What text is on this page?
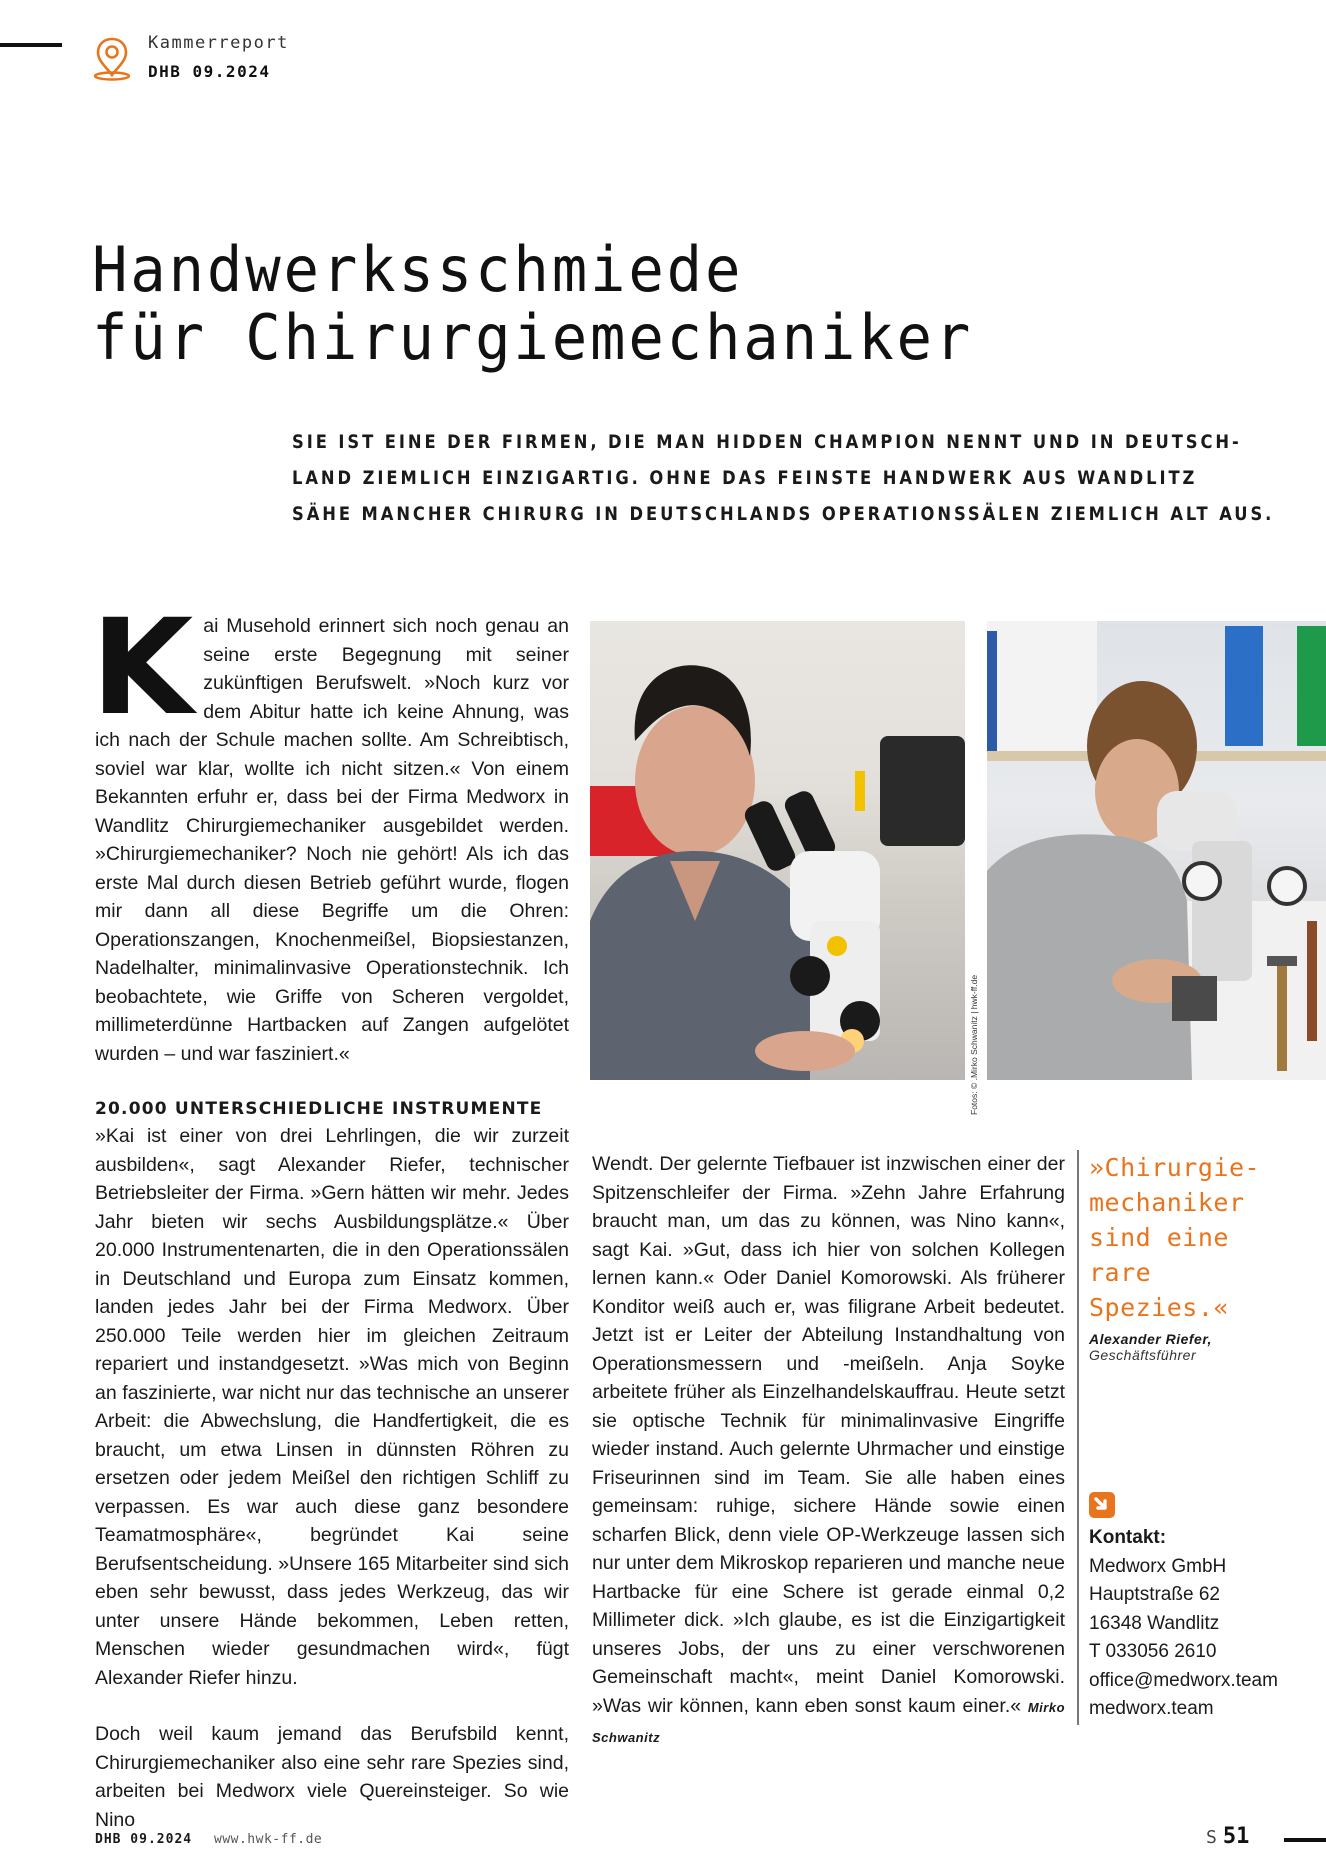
Kammerreport
DHB 09.2024
Handwerksschmiede
für Chirurgiemechaniker
SIE IST EINE DER FIRMEN, DIE MAN HIDDEN CHAMPION NENNT UND IN DEUTSCH-
LAND ZIEMLICH EINZIGARTIG. OHNE DAS FEINSTE HANDWERK AUS WANDLITZ
SÄHE MANCHER CHIRURG IN DEUTSCHLANDS OPERATIONSSÄLEN ZIEMLICH ALT AUS.
K ai Musehold erinnert sich noch genau an seine erste Begegnung mit seiner zukünftigen Berufswelt. »Noch kurz vor dem Abitur hatte ich keine Ahnung, was ich nach der Schule machen sollte. Am Schreibtisch, soviel war klar, wollte ich nicht sitzen.« Von einem Bekannten erfuhr er, dass bei der Firma Medworx in Wandlitz Chirurgiemechaniker ausgebildet werden. »Chirurgiemechaniker? Noch nie gehört! Als ich das erste Mal durch diesen Betrieb geführt wurde, flogen mir dann all diese Begriffe um die Ohren: Operationszangen, Knochenmeißel, Biopsiestanzen, Nadelhalter, minimalinvasive Operationstechnik. Ich beobachtete, wie Griffe von Scheren vergoldet, millimeterdünne Hartbacken auf Zangen aufgelötet wurden – und war fasziniert.«

20.000 UNTERSCHIEDLICHE INSTRUMENTE

»Kai ist einer von drei Lehrlingen, die wir zurzeit ausbilden«, sagt Alexander Riefer, technischer Betriebsleiter der Firma. »Gern hätten wir mehr. Jedes Jahr bieten wir sechs Ausbildungsplätze.« Über 20.000 Instrumentenarten, die in den Operationssälen in Deutschland und Europa zum Einsatz kommen, landen jedes Jahr bei der Firma Medworx. Über 250.000 Teile werden hier im gleichen Zeitraum repariert und instandgesetzt. »Was mich von Beginn an faszinierte, war nicht nur das technische an unserer Arbeit: die Abwechslung, die Handfertigkeit, die es braucht, um etwa Linsen in dünnsten Röhren zu ersetzen oder jedem Meißel den richtigen Schliff zu verpassen. Es war auch diese ganz besondere Teamatmosphäre«, begründet Kai seine Berufsentscheidung. »Unsere 165 Mitarbeiter sind sich eben sehr bewusst, dass jedes Werkzeug, das wir unter unsere Hände bekommen, Leben retten, Menschen wieder gesundmachen wird«, fügt Alexander Riefer hinzu.

Doch weil kaum jemand das Berufsbild kennt, Chirurgiemechaniker also eine sehr rare Spezies sind, arbeiten bei Medworx viele Quereinsteiger. So wie Nino

Fotos: © .Mirko Schwanitz | hwk-ff.de

Wendt. Der gelernte Tiefbauer ist inzwischen einer der Spitzenschleifer der Firma. »Zehn Jahre Erfahrung braucht man, um das zu können, was Nino kann«, sagt Kai. »Gut, dass ich hier von solchen Kollegen lernen kann.« Oder Daniel Komorowski. Als früherer Konditor weiß auch er, was filigrane Arbeit bedeutet. Jetzt ist er Leiter der Abteilung Instandhaltung von Operationsmessern und -meißeln. Anja Soyke arbeitete früher als Einzelhandelskauffrau. Heute setzt sie optische Technik für minimalinvasive Eingriffe wieder instand. Auch gelernte Uhrmacher und einstige Friseurinnen sind im Team. Sie alle haben eines gemeinsam: ruhige, sichere Hände sowie einen scharfen Blick, denn viele OP-Werkzeuge lassen sich nur unter dem Mikroskop reparieren und manche neue Hartbacke für eine Schere ist gerade einmal 0,2 Millimeter dick. »Ich glaube, es ist die Einzigartigkeit unseres Jobs, der uns zu einer verschworenen Gemeinschaft macht«, meint Daniel Komorowski. »Was wir können, kann eben sonst kaum einer.« Mirko Schwanitz

»Chirurgie-
mechaniker
sind eine
rare
Spezies.«
Alexander Riefer,
Geschäftsführer
Kontakt:
Medworx GmbH
Hauptstraße 62
16348 Wandlitz
T 033056 2610
office@medworx.team
medworx.team
DHB 09.2024 www.hwk-ff.de	S 51
